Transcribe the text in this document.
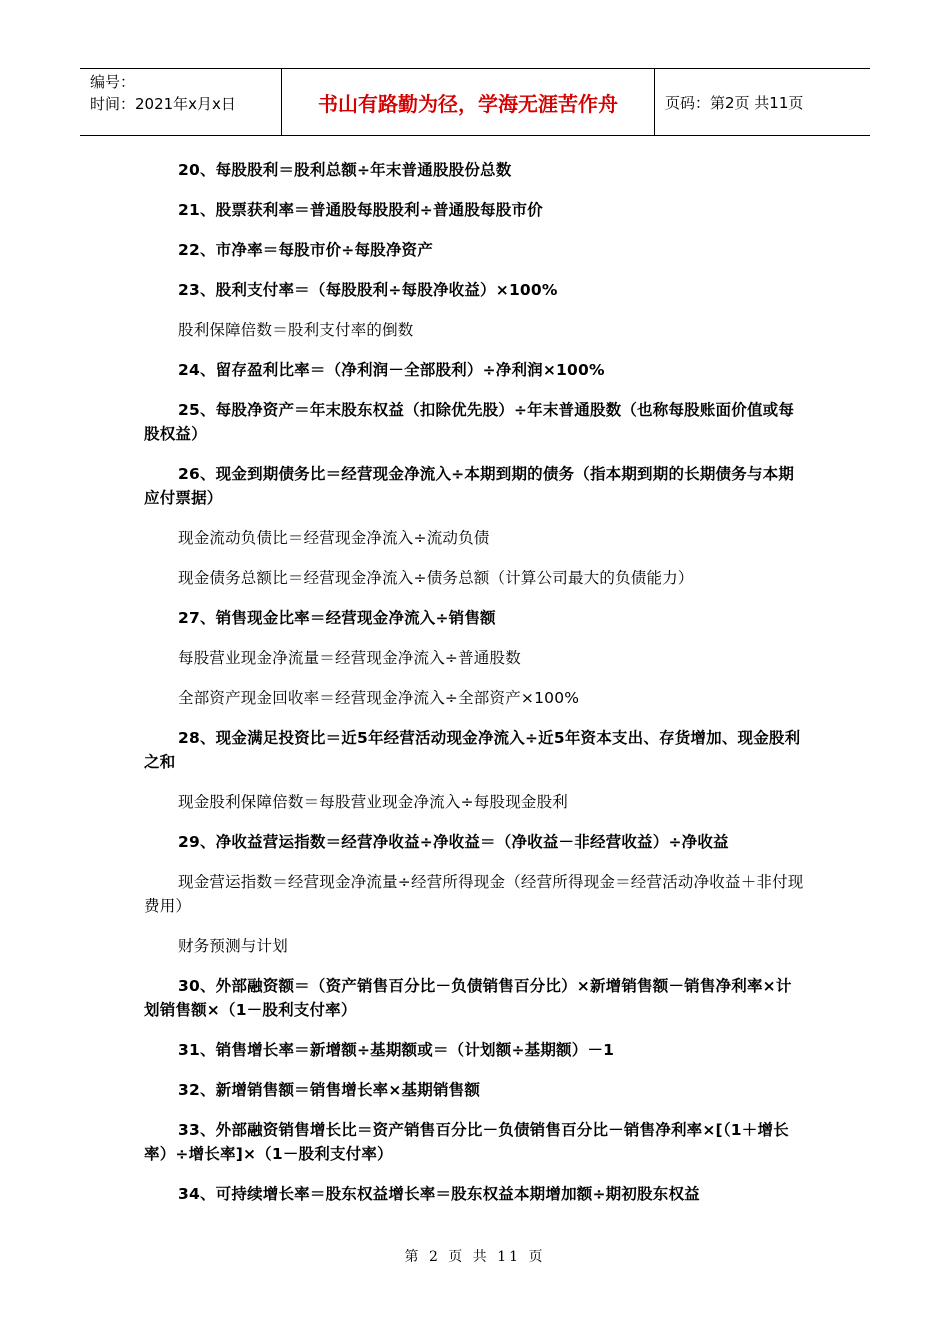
编号：
时间：2021年x月x日	书山有路勤为径，学海无涯苦作舟	页码：第2页 共11页

20、每股股利＝股利总额÷年末普通股股份总数

21、股票获利率＝普通股每股股利÷普通股每股市价

22、市净率＝每股市价÷每股净资产

23、股利支付率＝（每股股利÷每股净收益）×100%

股利保障倍数＝股利支付率的倒数

24、留存盈利比率＝（净利润－全部股利）÷净利润×100%

25、每股净资产＝年末股东权益（扣除优先股）÷年末普通股数（也称每股账面价值或每股权益）

26、现金到期债务比＝经营现金净流入÷本期到期的债务（指本期到期的长期债务与本期应付票据）

现金流动负债比＝经营现金净流入÷流动负债

现金债务总额比＝经营现金净流入÷债务总额（计算公司最大的负债能力）

27、销售现金比率＝经营现金净流入÷销售额

每股营业现金净流量＝经营现金净流入÷普通股数

全部资产现金回收率＝经营现金净流入÷全部资产×100%

28、现金满足投资比＝近5年经营活动现金净流入÷近5年资本支出、存货增加、现金股利之和

现金股利保障倍数＝每股营业现金净流入÷每股现金股利

29、净收益营运指数＝经营净收益÷净收益＝（净收益－非经营收益）÷净收益

现金营运指数＝经营现金净流量÷经营所得现金（经营所得现金＝经营活动净收益＋非付现费用）

财务预测与计划

30、外部融资额＝（资产销售百分比－负债销售百分比）×新增销售额－销售净利率×计划销售额×（1－股利支付率）

31、销售增长率＝新增额÷基期额或＝（计划额÷基期额）－1

32、新增销售额＝销售增长率×基期销售额

33、外部融资销售增长比＝资产销售百分比－负债销售百分比－销售净利率×[（1＋增长率）÷增长率]×（1－股利支付率）

34、可持续增长率＝股东权益增长率＝股东权益本期增加额÷期初股东权益

第 2 页 共 11 页
